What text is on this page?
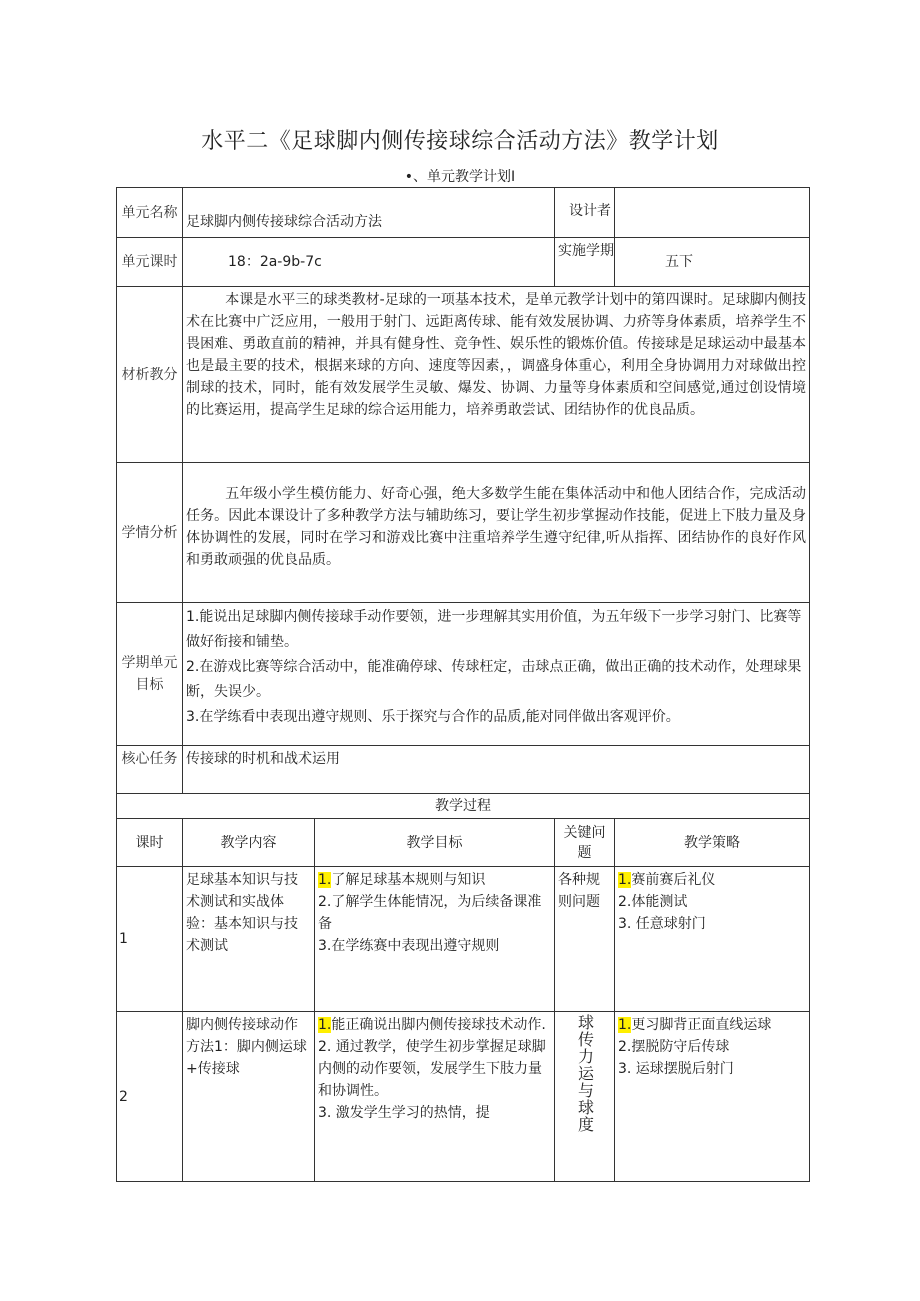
水平二《足球脚内侧传接球综合活动方法》教学计划
•、单元教学计划I
单元名称	足球脚内侧传接球综合活动方法		设计者	
单元课时	18：2a-9b-7c		实施学期	五下
材析教分	本课是水平三的球类教材-足球的一项基本技术，是单元教学计划中的第四课时。足球脚内侧技术在比赛中广泛应用，一般用于射门、远距离传球、能有效发展协调、力疥等身体素质，培养学生不畏困难、勇敢直前的精神，并具有健身性、竞争性、娱乐性的锻炼价值。传接球是足球运动中最基本也是最主要的技术，根据来球的方向、速度等因素，，调盛身体重心，利用全身协调用力对球做出控制球的技术，同时，能有效发展学生灵敏、爆发、协调、力量等身体素质和空间感觉,通过创设情境的比赛运用，提高学生足球的综合运用能力，培养勇敢尝试、团结协作的优良品质。			
学情分析	五年级小学生模仿能力、好奇心强，绝大多数学生能在集体活动中和他人团结合作，完成活动任务。因此本课设计了多种教学方法与辅助练习，要让学生初步掌握动作技能，促进上下肢力量及身体协调性的发展，同时在学习和游戏比赛中注重培养学生遵守纪律,听从指挥、团结协作的良好作风和勇敢顽强的优良品质。			
学期单元目标	1.能说出足球脚内侧传接球手动作要领，进一步理解其实用价值，为五年级下一步学习射门、比赛等做好衔接和铺垫。

2.在游戏比赛等综合活动中，能准确停球、传球枉定，击球点正确，做出正确的技术动作，处理球果断，失误少。

3.在学练看中表现出遵守规则、乐于探究与合作的品质,能对同伴做出客观评价。			

核心任务	传接球的时机和战术运用			
教学过程				
课时	教学内容	教学目标	关键问题	教学策略
1	足球基本知识与技术测试和实战体验：基本知识与技术测试	1.了解足球基本规则与知识
2.了解学生体能情况，为后续备课准备
3.在学练赛中表现出遵守规则	各种规则问题	1.赛前赛后礼仪
2.体能测试
3. 任意球射门

2	脚内侧传接球动作方法1：脚内侧运球+传接球	1.能正确说出脚内侧传接球技术动作.
2. 通过教学，使学生初步掌握足球脚内侧的动作要领，发展学生下肢力量和协调性。
3. 激发学生学习的热情，提	球传力运与球度	1.更习脚背正面直线运球
2.摆脱防守后传球
3. 运球摆脱后射门
